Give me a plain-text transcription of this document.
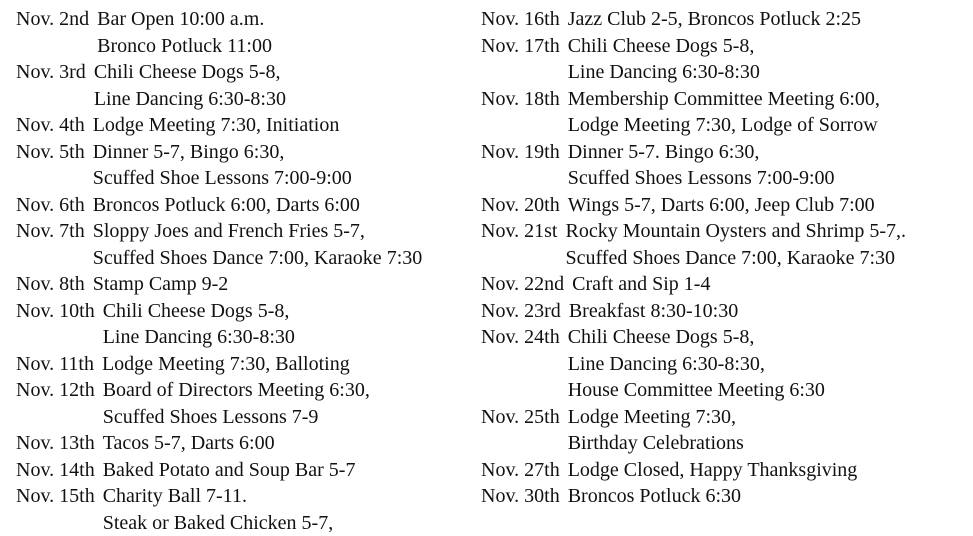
Nov. 2nd Bar Open 10:00 a.m.
Bronco Potluck 11:00
Nov. 3rd Chili Cheese Dogs 5-8,
Line Dancing 6:30-8:30
Nov. 4th Lodge Meeting 7:30, Initiation
Nov. 5th Dinner 5-7, Bingo 6:30,
Scuffed Shoe Lessons 7:00-9:00
Nov. 6th Broncos Potluck 6:00, Darts 6:00
Nov. 7th Sloppy Joes and French Fries 5-7,
Scuffed Shoes Dance 7:00, Karaoke 7:30
Nov. 8th Stamp Camp 9-2
Nov. 10th Chili Cheese Dogs 5-8,
Line Dancing 6:30-8:30
Nov. 11th Lodge Meeting 7:30, Balloting
Nov. 12th Board of Directors Meeting 6:30,
Scuffed Shoes Lessons 7-9
Nov. 13th Tacos 5-7, Darts 6:00
Nov. 14th Baked Potato and Soup Bar 5-7
Nov. 15th Charity Ball 7-11.
Steak or Baked Chicken 5-7,
Nov. 16th Jazz Club 2-5, Broncos Potluck 2:25
Nov. 17th Chili Cheese Dogs 5-8,
Line Dancing 6:30-8:30
Nov. 18th Membership Committee Meeting 6:00,
Lodge Meeting 7:30, Lodge of Sorrow
Nov. 19th Dinner 5-7. Bingo 6:30,
Scuffed Shoes Lessons 7:00-9:00
Nov. 20th Wings 5-7, Darts 6:00, Jeep Club 7:00
Nov. 21st Rocky Mountain Oysters and Shrimp 5-7,.
Scuffed Shoes Dance 7:00, Karaoke 7:30
Nov. 22nd Craft and Sip 1-4
Nov. 23rd Breakfast 8:30-10:30
Nov. 24th Chili Cheese Dogs 5-8,
Line Dancing 6:30-8:30,
House Committee Meeting 6:30
Nov. 25th Lodge Meeting 7:30,
Birthday Celebrations
Nov. 27th Lodge Closed, Happy Thanksgiving
Nov. 30th Broncos Potluck 6:30
